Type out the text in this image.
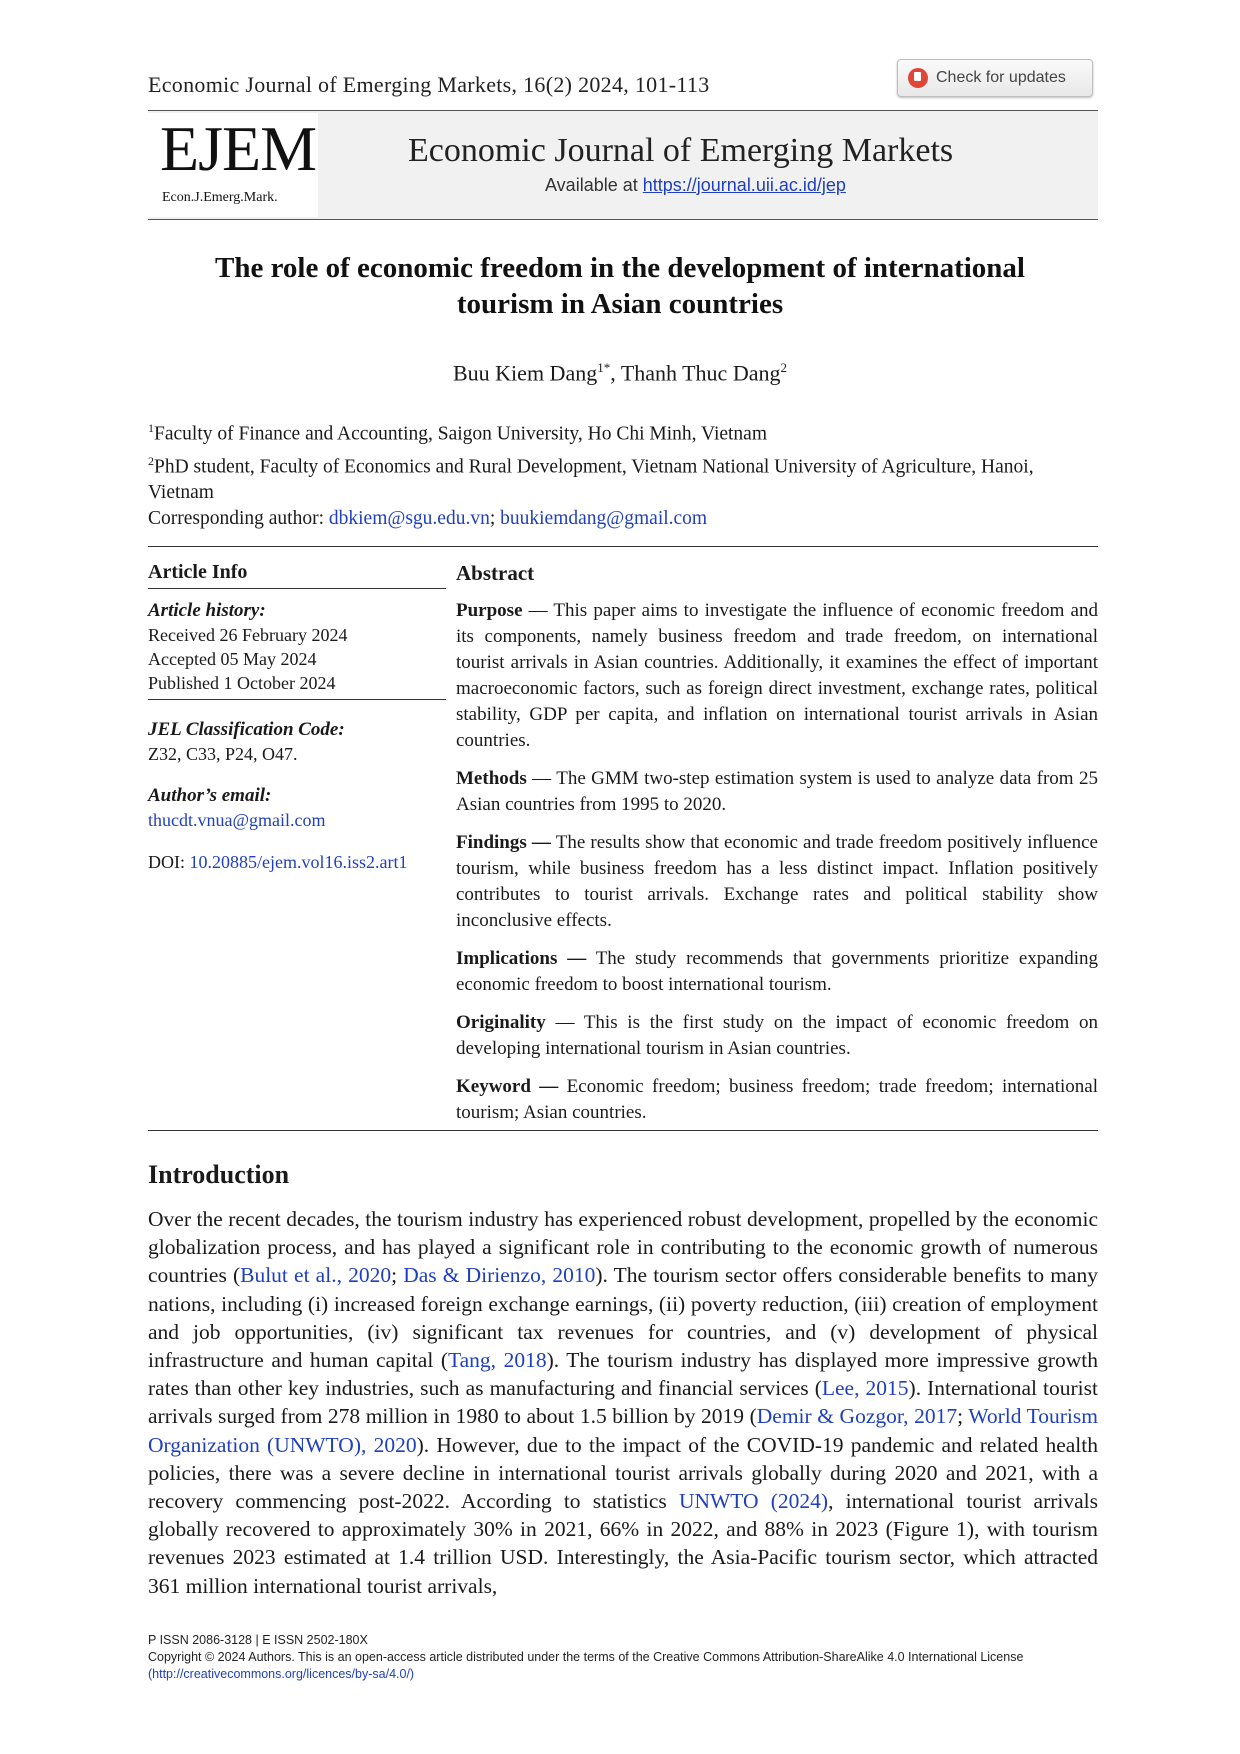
Economic Journal of Emerging Markets, 16(2) 2024, 101-113	Check for updates
EJEM
Econ.J.Emerg.Mark.
Economic Journal of Emerging Markets
Available at https://journal.uii.ac.id/jep
The role of economic freedom in the development of international
tourism in Asian countries
Buu Kiem Dang$^{1*}$, Thanh Thuc Dang$^2$
$^1$Faculty of Finance and Accounting, Saigon University, Ho Chi Minh, Vietnam
$^2$PhD student, Faculty of Economics and Rural Development, Vietnam National University of Agriculture, Hanoi, Vietnam
Corresponding author: dbkiem@sgu.edu.vn; buukiemdang@gmail.com
Article Info
Article history:
Received 26 February 2024
Accepted 05 May 2024
Published 1 October 2024
JEL Classification Code:
Z32, C33, P24, O47.
Author’s email:
thucdt.vnua@gmail.com
DOI: 10.20885/ejem.vol16.iss2.art1

Abstract

Purpose — This paper aims to investigate the influence of economic freedom and its components, namely business freedom and trade freedom, on international tourist arrivals in Asian countries. Additionally, it examines the effect of important macroeconomic factors, such as foreign direct investment, exchange rates, political stability, GDP per capita, and inflation on international tourist arrivals in Asian countries.

Methods — The GMM two-step estimation system is used to analyze data from 25 Asian countries from 1995 to 2020.

Findings — The results show that economic and trade freedom positively influence tourism, while business freedom has a less distinct impact. Inflation positively contributes to tourist arrivals. Exchange rates and political stability show inconclusive effects.

Implications — The study recommends that governments prioritize expanding economic freedom to boost international tourism.

Originality — This is the first study on the impact of economic freedom on developing international tourism in Asian countries.

Keyword — Economic freedom; business freedom; trade freedom; international tourism; Asian countries.

Introduction
Over the recent decades, the tourism industry has experienced robust development, propelled by the economic globalization process, and has played a significant role in contributing to the economic growth of numerous countries (Bulut et al., 2020; Das & Dirienzo, 2010). The tourism sector offers considerable benefits to many nations, including (i) increased foreign exchange earnings, (ii) poverty reduction, (iii) creation of employment and job opportunities, (iv) significant tax revenues for countries, and (v) development of physical infrastructure and human capital (Tang, 2018). The tourism industry has displayed more impressive growth rates than other key industries, such as manufacturing and financial services (Lee, 2015). International tourist arrivals surged from 278 million in 1980 to about 1.5 billion by 2019 (Demir & Gozgor, 2017; World Tourism Organization (UNWTO), 2020). However, due to the impact of the COVID-19 pandemic and related health policies, there was a severe decline in international tourist arrivals globally during 2020 and 2021, with a recovery commencing post-2022. According to statistics UNWTO (2024), international tourist arrivals globally recovered to approximately 30% in 2021, 66% in 2022, and 88% in 2023 (Figure 1), with tourism revenues 2023 estimated at 1.4 trillion USD. Interestingly, the Asia-Pacific tourism sector, which attracted 361 million international tourist arrivals,
P ISSN 2086-3128 | E ISSN 2502-180X
Copyright © 2024 Authors. This is an open-access article distributed under the terms of the Creative Commons Attribution-ShareAlike 4.0 International License (http://creativecommons.org/licences/by-sa/4.0/)
